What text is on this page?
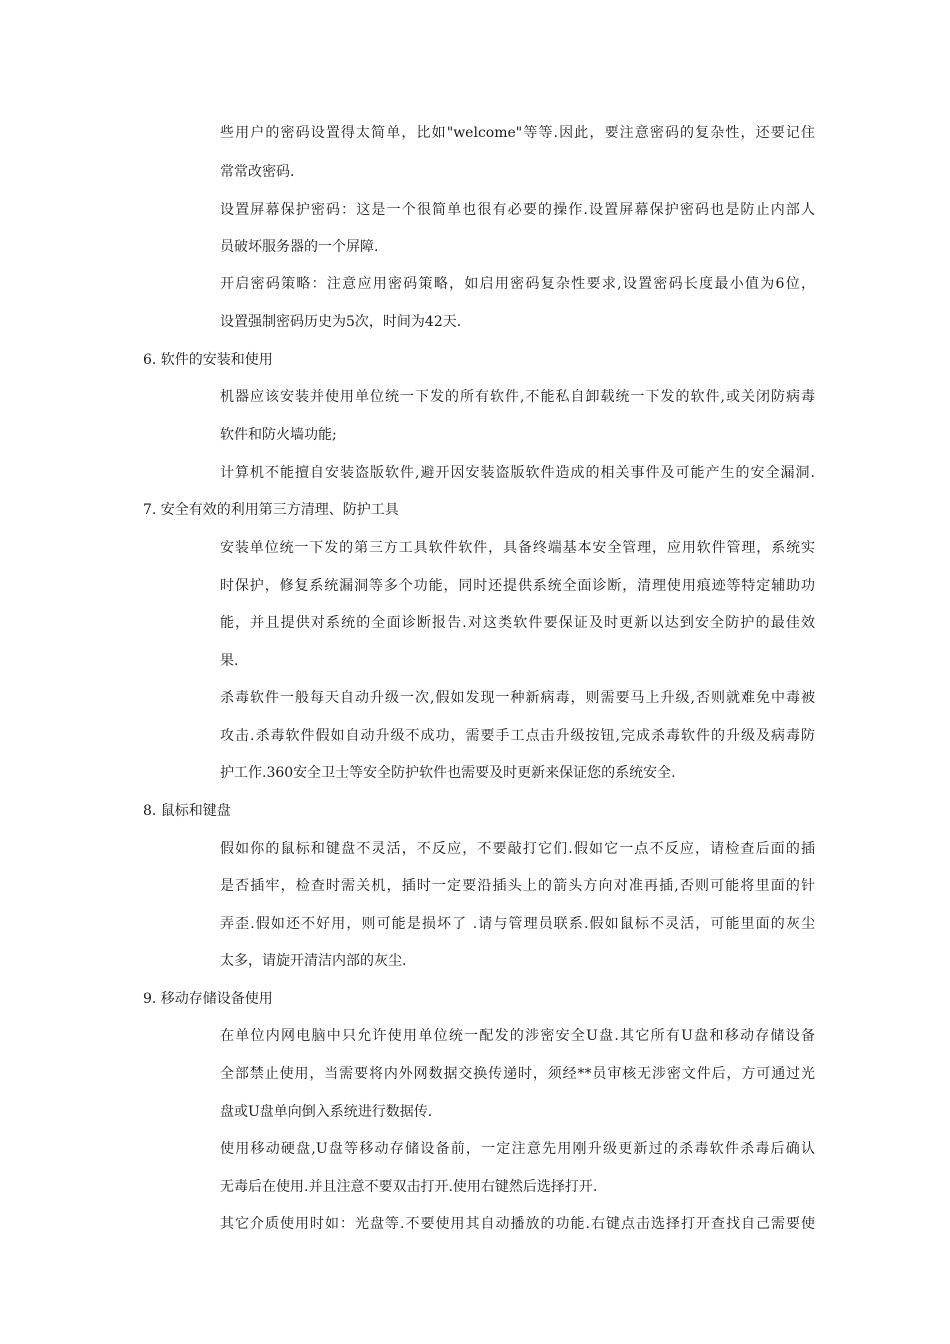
些用户的密码设置得太简单，比如"welcome"等等.因此，要注意密码的复杂性，还要记住
常常改密码.
设置屏幕保护密码：这是一个很简单也很有必要的操作.设置屏幕保护密码也是防止内部人
员破坏服务器的一个屏障.
开启密码策略：注意应用密码策略，如启用密码复杂性要求,设置密码长度最小值为6位，
设置强制密码历史为5次，时间为42天.
6. 软件的安装和使用
机器应该安装并使用单位统一下发的所有软件,不能私自卸载统一下发的软件,或关闭防病毒
软件和防火墙功能;
计算机不能擅自安装盗版软件,避开因安装盗版软件造成的相关事件及可能产生的安全漏洞.
7. 安全有效的利用第三方清理、防护工具
安装单位统一下发的第三方工具软件软件，具备终端基本安全管理，应用软件管理，系统实
时保护，修复系统漏洞等多个功能，同时还提供系统全面诊断，清理使用痕迹等特定辅助功
能，并且提供对系统的全面诊断报告.对这类软件要保证及时更新以达到安全防护的最佳效
果.
杀毒软件一般每天自动升级一次,假如发现一种新病毒，则需要马上升级,否则就难免中毒被
攻击.杀毒软件假如自动升级不成功，需要手工点击升级按钮,完成杀毒软件的升级及病毒防
护工作.360安全卫士等安全防护软件也需要及时更新来保证您的系统安全.
8. 鼠标和键盘
假如你的鼠标和键盘不灵活，不反应，不要敲打它们.假如它一点不反应，请检查后面的插
是否插牢，检查时需关机，插时一定要沿插头上的箭头方向对准再插,否则可能将里面的针
弄歪.假如还不好用，则可能是损坏了 .请与管理员联系.假如鼠标不灵活，可能里面的灰尘
太多，请旋开清洁内部的灰尘.
9. 移动存储设备使用
在单位内网电脑中只允许使用单位统一配发的涉密安全U盘.其它所有U盘和移动存储设备
全部禁止使用，当需要将内外网数据交换传递时，须经**员审核无涉密文件后，方可通过光
盘或U盘单向倒入系统进行数据传.
使用移动硬盘,U盘等移动存储设备前，一定注意先用刚升级更新过的杀毒软件杀毒后确认
无毒后在使用.并且注意不要双击打开.使用右键然后选择打开.
其它介质使用时如：光盘等.不要使用其自动播放的功能.右键点击选择打开查找自己需要使
